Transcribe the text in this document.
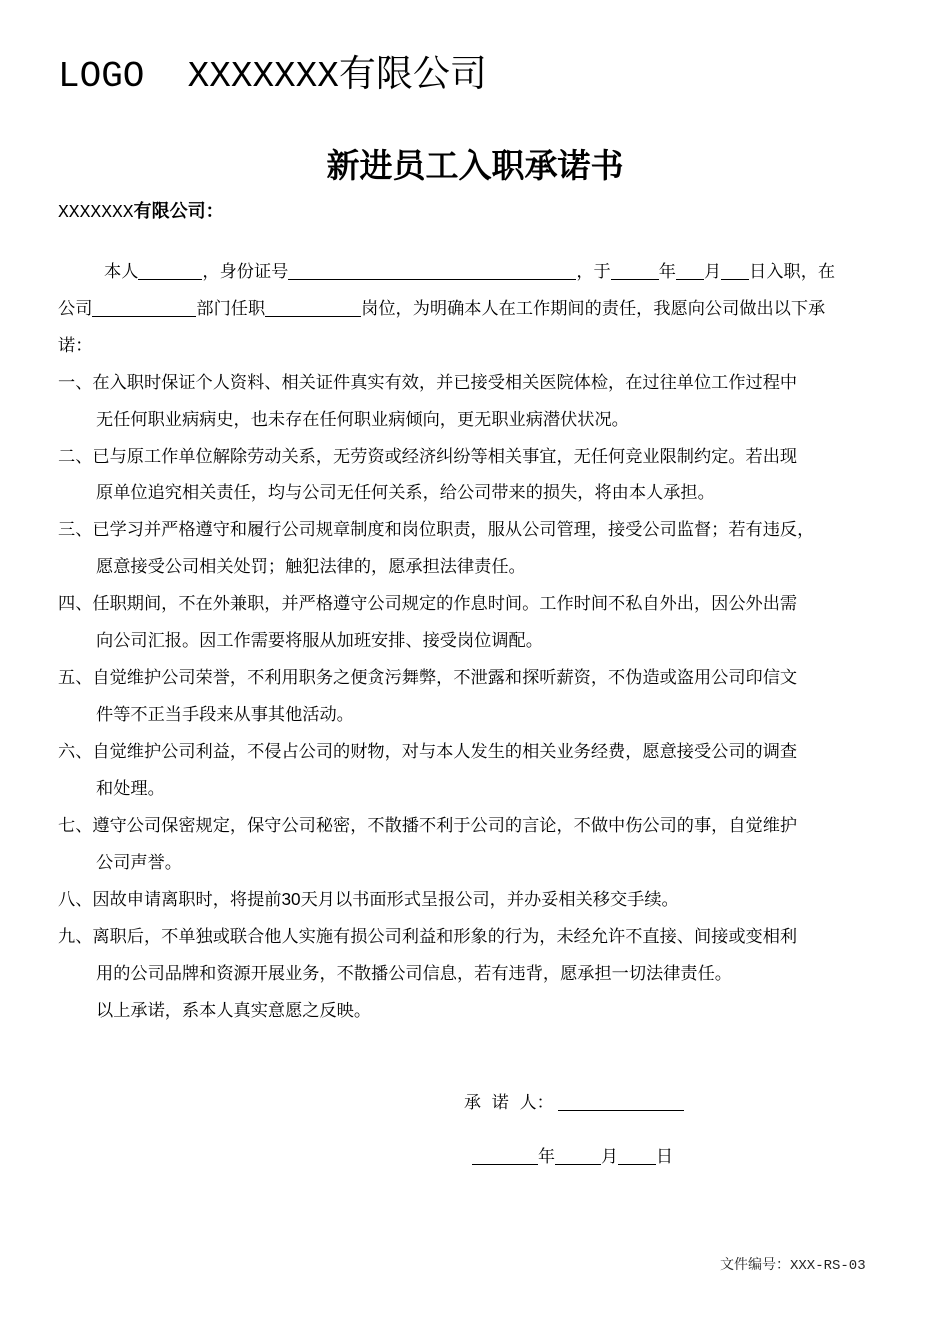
LOGO XXXXXXX有限公司
新进员工入职承诺书
XXXXXXX有限公司：
本人	，身份证号	，于	年 月 日入职，在
公司	部门任职	岗位，为明确本人在工作期间的责任，我愿向公司做出以下承
诺：
一、在入职时保证个人资料、相关证件真实有效，并已接受相关医院体检，在过往单位工作过程中
无任何职业病病史，也未存在任何职业病倾向，更无职业病潜伏状况。
二、已与原工作单位解除劳动关系，无劳资或经济纠纷等相关事宜，无任何竞业限制约定。若出现
原单位追究相关责任，均与公司无任何关系，给公司带来的损失，将由本人承担。
三、已学习并严格遵守和履行公司规章制度和岗位职责，服从公司管理，接受公司监督；若有违反，
愿意接受公司相关处罚；触犯法律的，愿承担法律责任。
四、任职期间，不在外兼职，并严格遵守公司规定的作息时间。工作时间不私自外出，因公外出需
向公司汇报。因工作需要将服从加班安排、接受岗位调配。
五、自觉维护公司荣誉，不利用职务之便贪污舞弊，不泄露和探听薪资，不伪造或盗用公司印信文
件等不正当手段来从事其他活动。
六、自觉维护公司利益，不侵占公司的财物，对与本人发生的相关业务经费，愿意接受公司的调查
和处理。
七、遵守公司保密规定，保守公司秘密，不散播不利于公司的言论，不做中伤公司的事，自觉维护
公司声誉。
八、因故申请离职时，将提前30天月以书面形式呈报公司，并办妥相关移交手续。
九、离职后，不单独或联合他人实施有损公司利益和形象的行为，未经允许不直接、间接或变相利
用的公司品牌和资源开展业务，不散播公司信息，若有违背，愿承担一切法律责任。
以上承诺，系本人真实意愿之反映。
承  诺  人：
年	月 日
文件编号：XXX-RS-03
